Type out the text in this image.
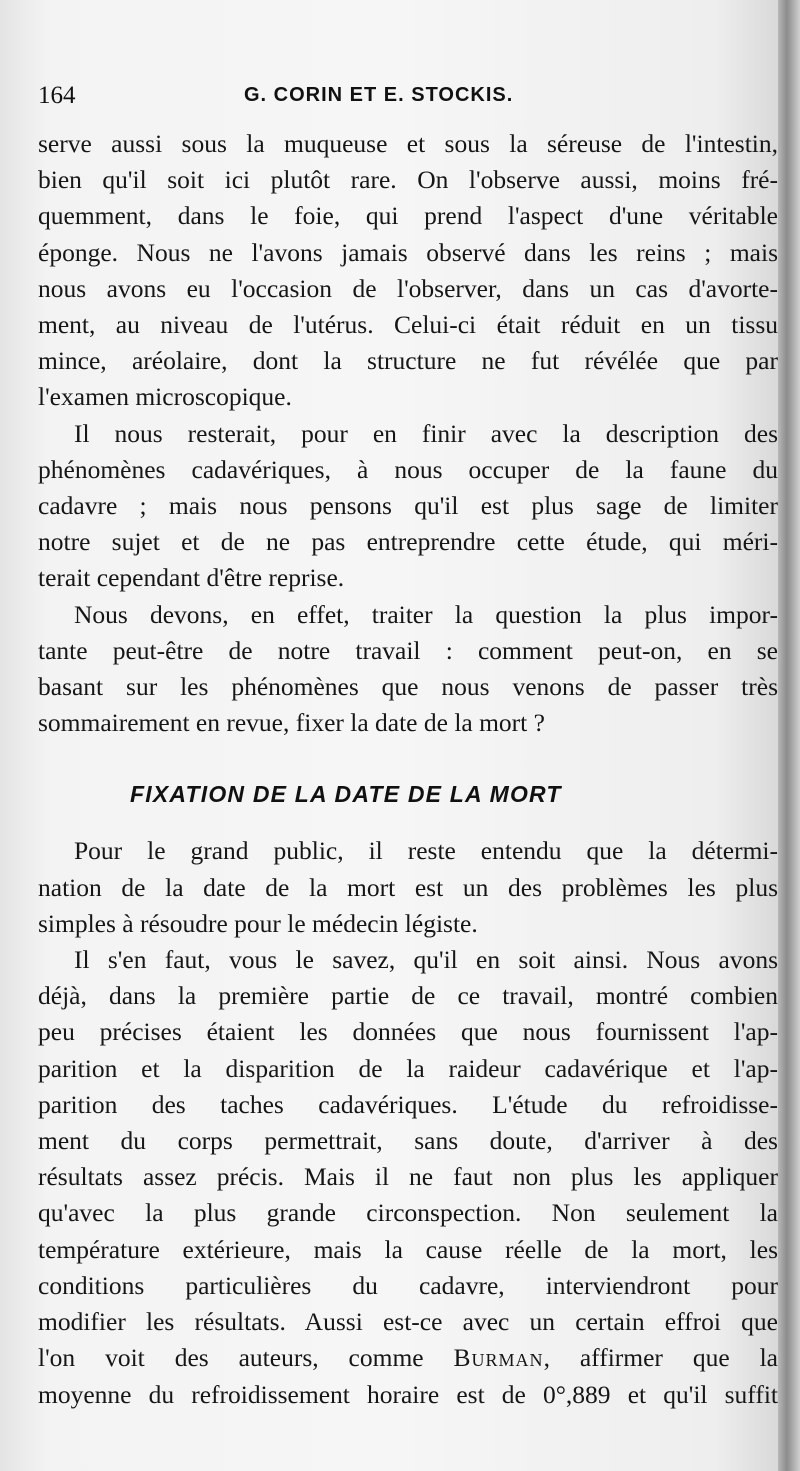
164	G. CORIN ET E. STOCKIS.

serve aussi sous la muqueuse et sous la séreuse de l'intestin,
bien qu'il soit ici plutôt rare. On l'observe aussi, moins fré-
quemment, dans le foie, qui prend l'aspect d'une véritable
éponge. Nous ne l'avons jamais observé dans les reins ; mais
nous avons eu l'occasion de l'observer, dans un cas d'avorte-
ment, au niveau de l'utérus. Celui-ci était réduit en un tissu
mince, aréolaire, dont la structure ne fut révélée que par
l'examen microscopique.

Il nous resterait, pour en finir avec la description des
phénomènes cadavériques, à nous occuper de la faune du
cadavre ; mais nous pensons qu'il est plus sage de limiter
notre sujet et de ne pas entreprendre cette étude, qui méri-
terait cependant d'être reprise.

Nous devons, en effet, traiter la question la plus impor-
tante peut-être de notre travail : comment peut-on, en se
basant sur les phénomènes que nous venons de passer très
sommairement en revue, fixer la date de la mort ?

FIXATION DE LA DATE DE LA MORT

Pour le grand public, il reste entendu que la détermi-
nation de la date de la mort est un des problèmes les plus
simples à résoudre pour le médecin légiste.

Il s'en faut, vous le savez, qu'il en soit ainsi. Nous avons
déjà, dans la première partie de ce travail, montré combien
peu précises étaient les données que nous fournissent l'ap-
parition et la disparition de la raideur cadavérique et l'ap-
parition des taches cadavériques. L'étude du refroidisse-
ment du corps permettrait, sans doute, d'arriver à des
résultats assez précis. Mais il ne faut non plus les appliquer
qu'avec la plus grande circonspection. Non seulement la
température extérieure, mais la cause réelle de la mort, les
conditions particulières du cadavre, interviendront pour
modifier les résultats. Aussi est-ce avec un certain effroi que
l'on voit des auteurs, comme Burman, affirmer que la
moyenne du refroidissement horaire est de 0°,889 et qu'il suffit
